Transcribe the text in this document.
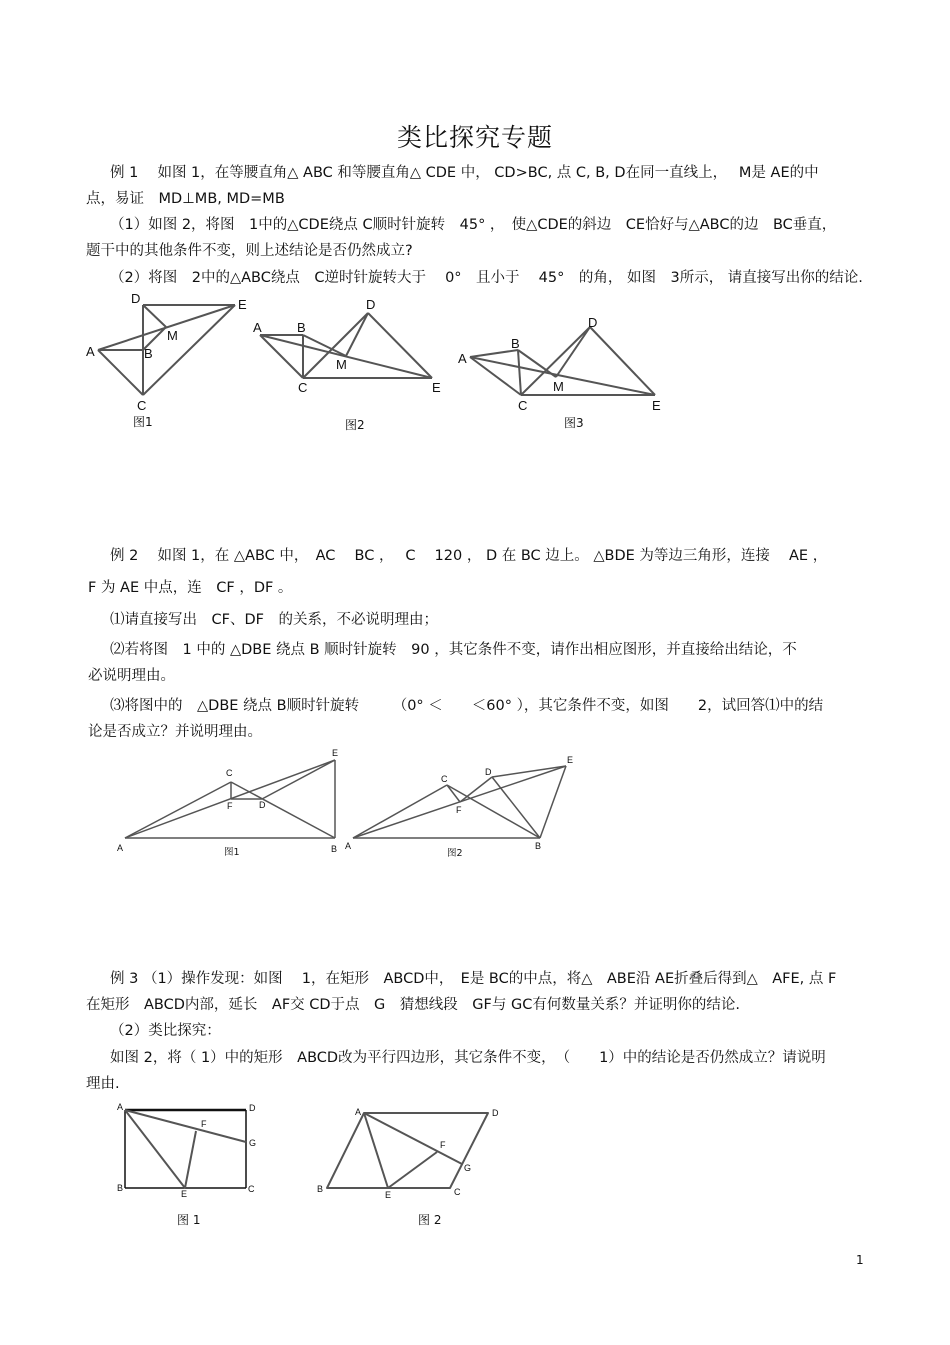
类比探究专题
例 1　 如图 1，在等腰直角△ ABC 和等腰直角△ CDE 中， CD>BC, 点 C, B, D在同一直线上，　 M是 AE的中
点，易证　MD⊥MB, MD=MB
（1）如图 2，将图　1中的△CDE绕点 C顺时针旋转　45° ，　使△CDE的斜边　CE恰好与△ABC的边　BC垂直，
题干中的其他条件不变，则上述结论是否仍然成立?
（2）将图　2中的△ABC绕点　C逆时针旋转大于　 0°　且小于　 45°　的角， 如图　3所示， 请直接写出你的结论.
D	E
M
A	B
C
图1
A	B
D
M
C	E
图2
D
B
A
M
C	E
图3
例 2　 如图 1，在 △ABC 中，　AC　 BC ，　 C　 120 ， D 在 BC 边上。 △BDE 为等边三角形，连接　 AE ，
F 为 AE 中点，连　CF ，DF 。
⑴请直接写出　CF、DF　的关系，不必说明理由；
⑵若将图　1 中的 △DBE 绕点 B 顺时针旋转　90 ，其它条件不变，请作出相应图形，并直接给出结论，不
必说明理由。
⑶将图中的　△DBE 绕点 B顺时针旋转　　 （0° ＜　　＜60° ），其它条件不变，如图　　2，试回答⑴中的结
论是否成立？并说明理由。
E
C
F	D
A	B
图1
E
D
C
F
A	B
图2
例 3 （1）操作发现：如图　 1，在矩形　ABCD中，　E是 BC的中点，将△　ABE沿 AE折叠后得到△　AFE, 点 F
在矩形　ABCD内部，延长　AF交 CD于点　G　猜想线段　GF与 GC有何数量关系？并证明你的结论.
（2）类比探究：
如图 2，将（ 1）中的矩形　ABCD改为平行四边形，其它条件不变，　（　　1）中的结论是否仍然成立？请说明
理由.
A	D
F
G
B
E	C
图 1
A	D
F
G
B
E	C
图 2
1
